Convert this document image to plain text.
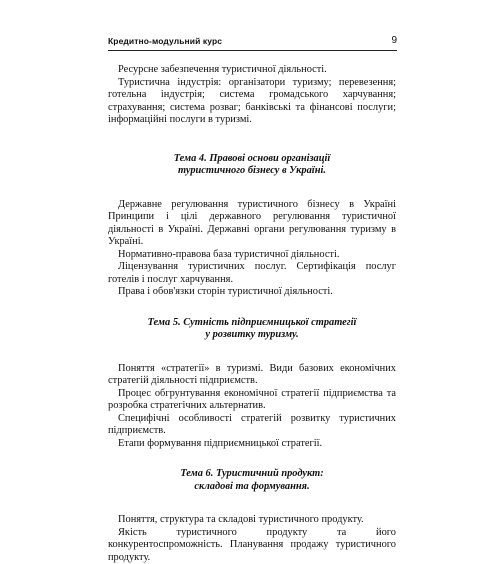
Кредитно-модульний курс	9

Ресурсне забезпечення туристичної діяльності.

Туристична індустрія: організатори туризму; перевезення; готельна індустрія; система громадського харчування; страхування; система розваг; банківські та фінансові послуги; інформаційні послуги в туризмі.

Тема 4. Правові основи організації
туристичного бізнесу в Україні.

Державне регулювання туристичного бізнесу в Україні Принципи і цілі державного регулювання туристичної діяльності в Україні. Державні органи регулювання туризму в Україні.

Нормативно-правова база туристичної діяльності.

Ліцензування туристичних послуг. Сертифікація послуг готелів і послуг харчування.

Права і обов'язки сторін туристичної діяльності.

Тема 5. Сутність підприємницької стратегії
у розвитку туризму.

Поняття «стратегії» в туризмі. Види базових економічних стратегій діяльності підприємств.

Процес обгрунтування економічної стратегії підприємства та розробка стратегічних альтернатив.

Специфічні особливості стратегій розвитку туристичних підприємств.

Етапи формування підприємницької стратегії.

Тема 6. Туристичний продукт:
складові та формування.

Поняття, структура та складові туристичного продукту.

Якість туристичного продукту та його конкурентоспроможність. Планування продажу туристичного продукту.
